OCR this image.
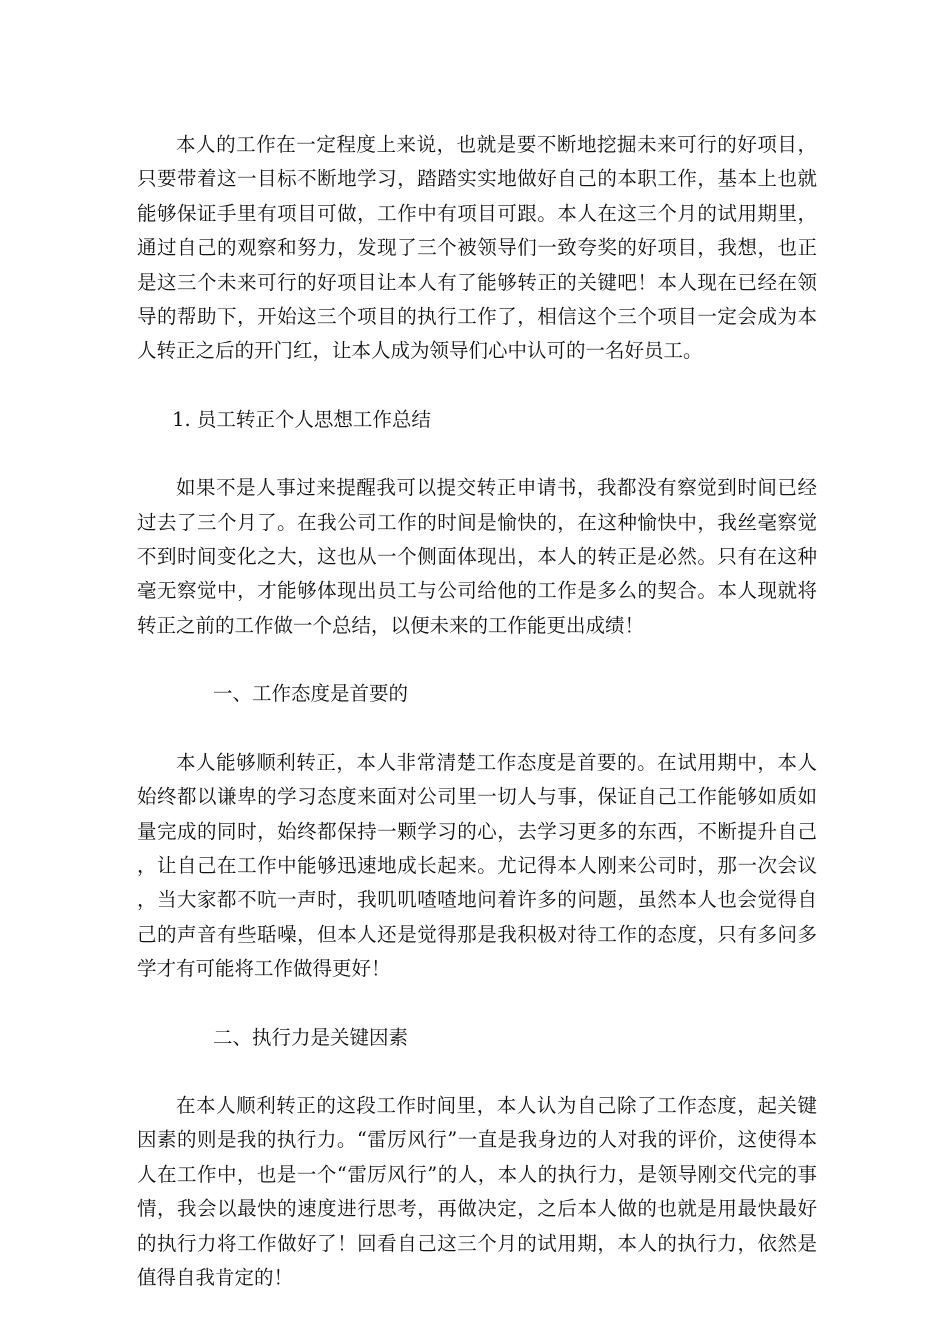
本人的工作在一定程度上来说，也就是要不断地挖掘未来可行的好项目，只要带着这一目标不断地学习，踏踏实实地做好自己的本职工作，基本上也就能够保证手里有项目可做，工作中有项目可跟。本人在这三个月的试用期里，通过自己的观察和努力，发现了三个被领导们一致夸奖的好项目，我想，也正是这三个未来可行的好项目让本人有了能够转正的关键吧！本人现在已经在领导的帮助下，开始这三个项目的执行工作了，相信这个三个项目一定会成为本人转正之后的开门红，让本人成为领导们心中认可的一名好员工。

1. 员工转正个人思想工作总结

如果不是人事过来提醒我可以提交转正申请书，我都没有察觉到时间已经过去了三个月了。在我公司工作的时间是愉快的，在这种愉快中，我丝毫察觉不到时间变化之大，这也从一个侧面体现出，本人的转正是必然。只有在这种毫无察觉中，才能够体现出员工与公司给他的工作是多么的契合。本人现就将转正之前的工作做一个总结，以便未来的工作能更出成绩！

一、工作态度是首要的

本人能够顺利转正，本人非常清楚工作态度是首要的。在试用期中，本人始终都以谦卑的学习态度来面对公司里一切人与事，保证自己工作能够如质如量完成的同时，始终都保持一颗学习的心，去学习更多的东西，不断提升自己，让自己在工作中能够迅速地成长起来。尤记得本人刚来公司时，那一次会议，当大家都不吭一声时，我叽叽喳喳地问着许多的问题，虽然本人也会觉得自己的声音有些聒噪，但本人还是觉得那是我积极对待工作的态度，只有多问多学才有可能将工作做得更好！

二、执行力是关键因素

在本人顺利转正的这段工作时间里，本人认为自己除了工作态度，起关键因素的则是我的执行力。“雷厉风行”一直是我身边的人对我的评价，这使得本人在工作中，也是一个“雷厉风行”的人，本人的执行力，是领导刚交代完的事情，我会以最快的速度进行思考，再做决定，之后本人做的也就是用最快最好的执行力将工作做好了！回看自己这三个月的试用期，本人的执行力，依然是值得自我肯定的！
